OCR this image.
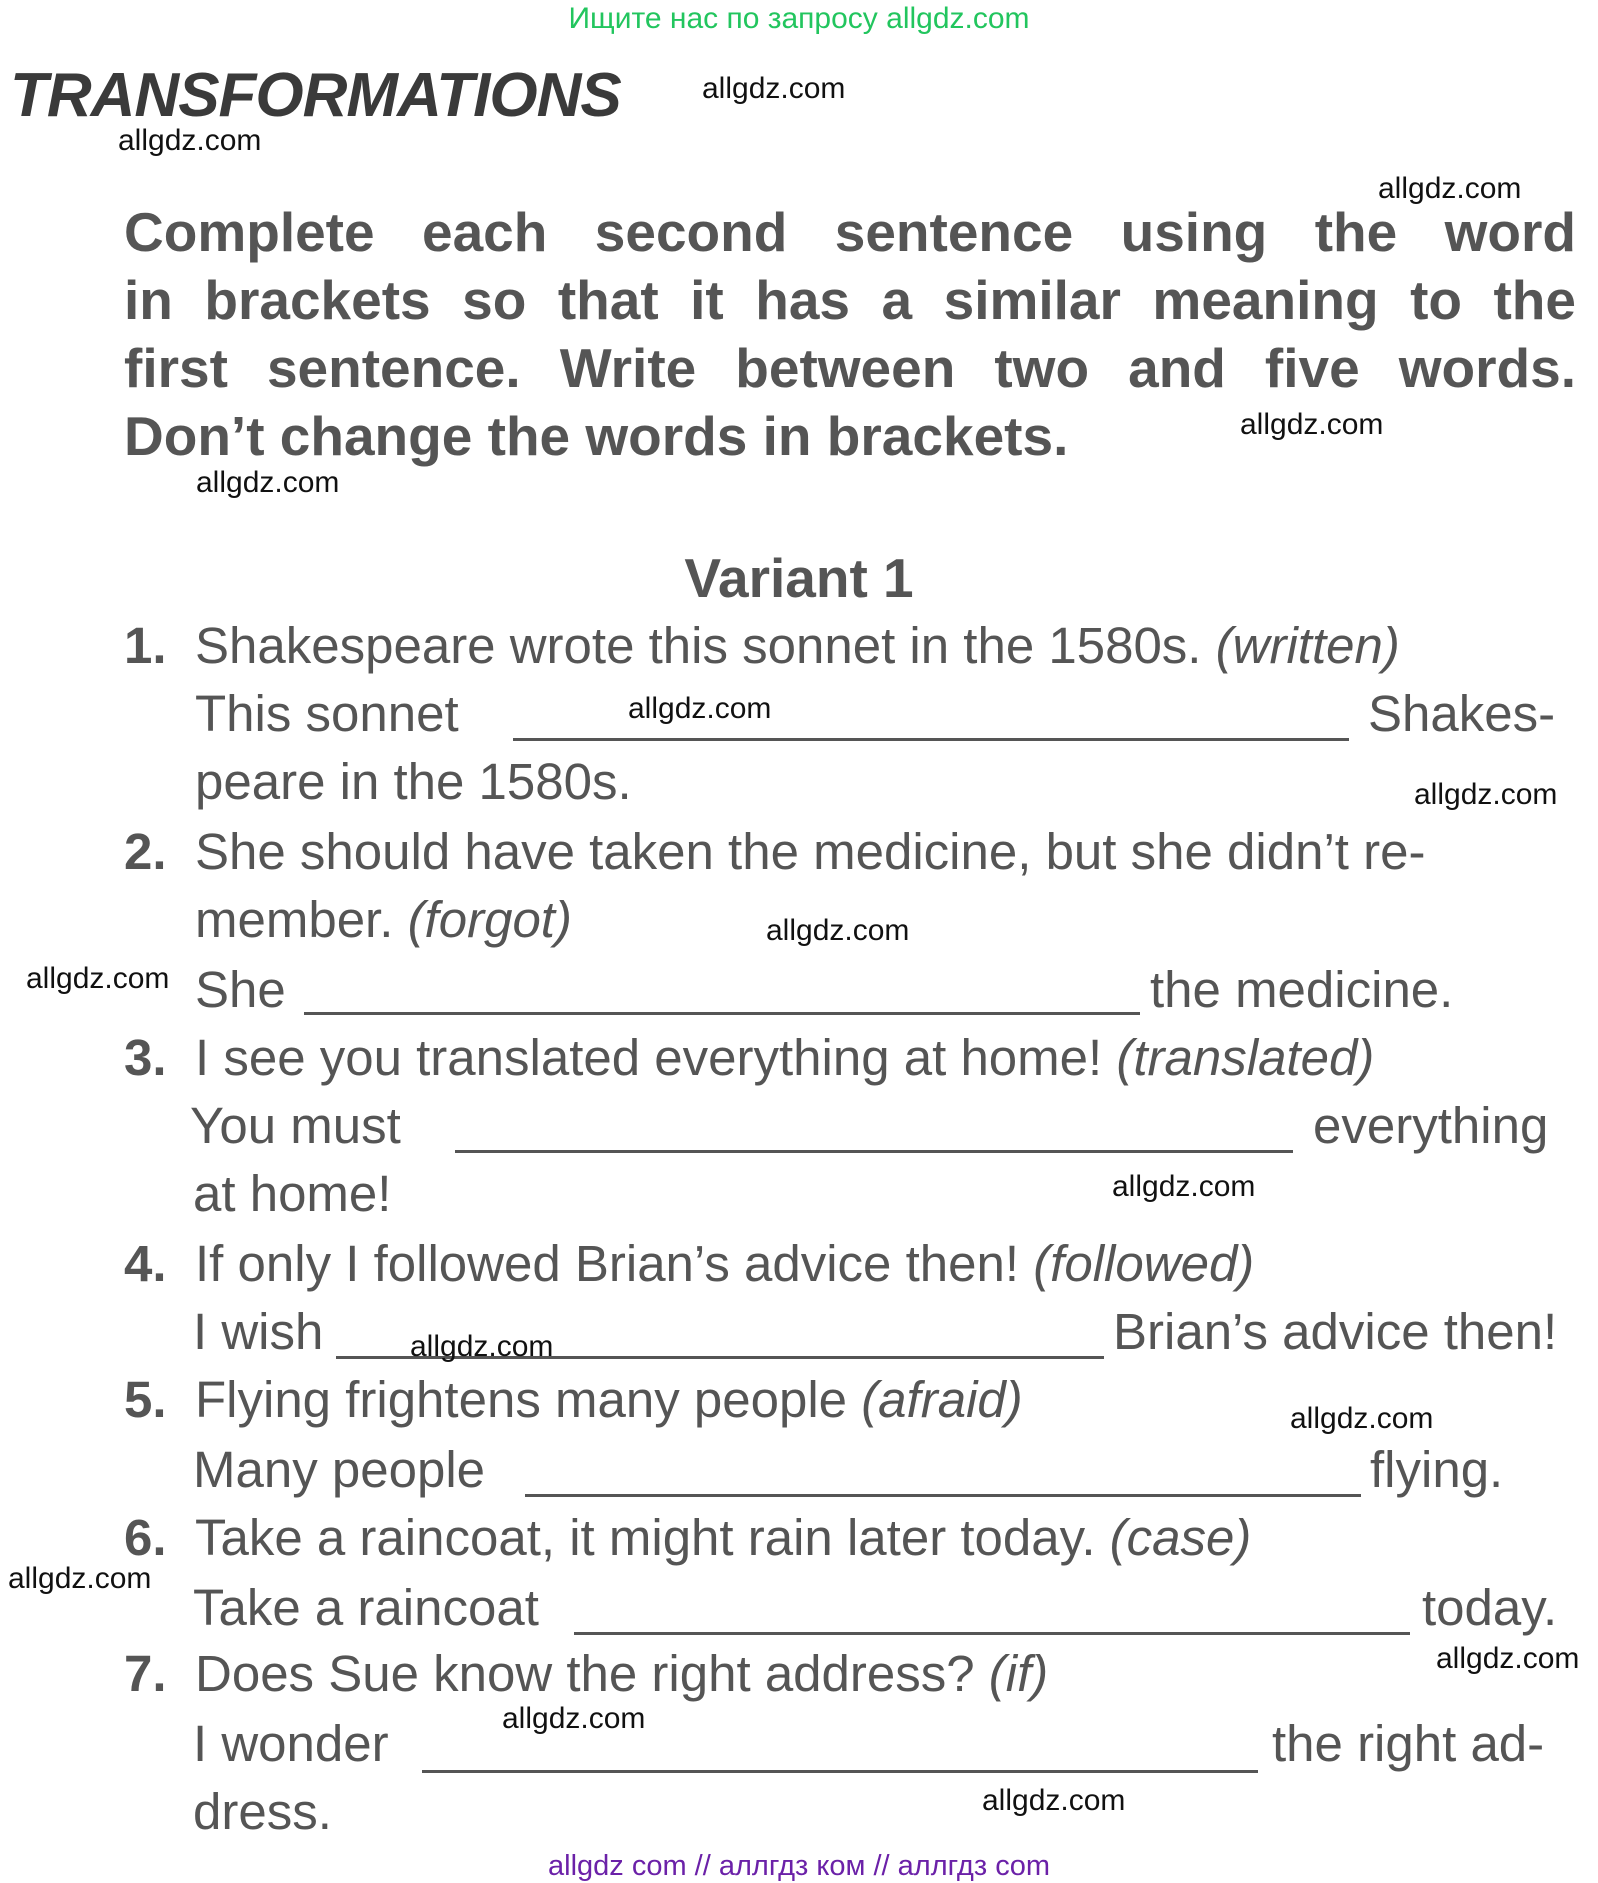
Ищите нас по запросу allgdz.com
TRANSFORMATIONS
Complete each second sentence using the word
in brackets so that it has a similar meaning to the
first sentence. Write between two and five words.
Don’t change the words in brackets.
Variant 1
1. Shakespeare wrote this sonnet in the 1580s. (written)
This sonnet	Shakes-
peare in the 1580s.
2. She should have taken the medicine, but she didn’t re-
member. (forgot)
She	the medicine.
3. I see you translated everything at home! (translated)
You must	everything
at home!
4. If only I followed Brian’s advice then! (followed)
I wish	Brian’s advice then!
5. Flying frightens many people (afraid)
Many people	flying.
6. Take a raincoat, it might rain later today. (case)
Take a raincoat	today.
7. Does Sue know the right address? (if)
I wonder	the right ad-
dress.
allgdz.com
allgdz.com
allgdz.com
allgdz.com
allgdz.com
allgdz.com
allgdz.com
allgdz.com
allgdz.com
allgdz.com
allgdz.com
allgdz.com
allgdz.com
allgdz.com
allgdz.com
allgdz.com
allgdz com // аллгдз ком // аллгдз com
